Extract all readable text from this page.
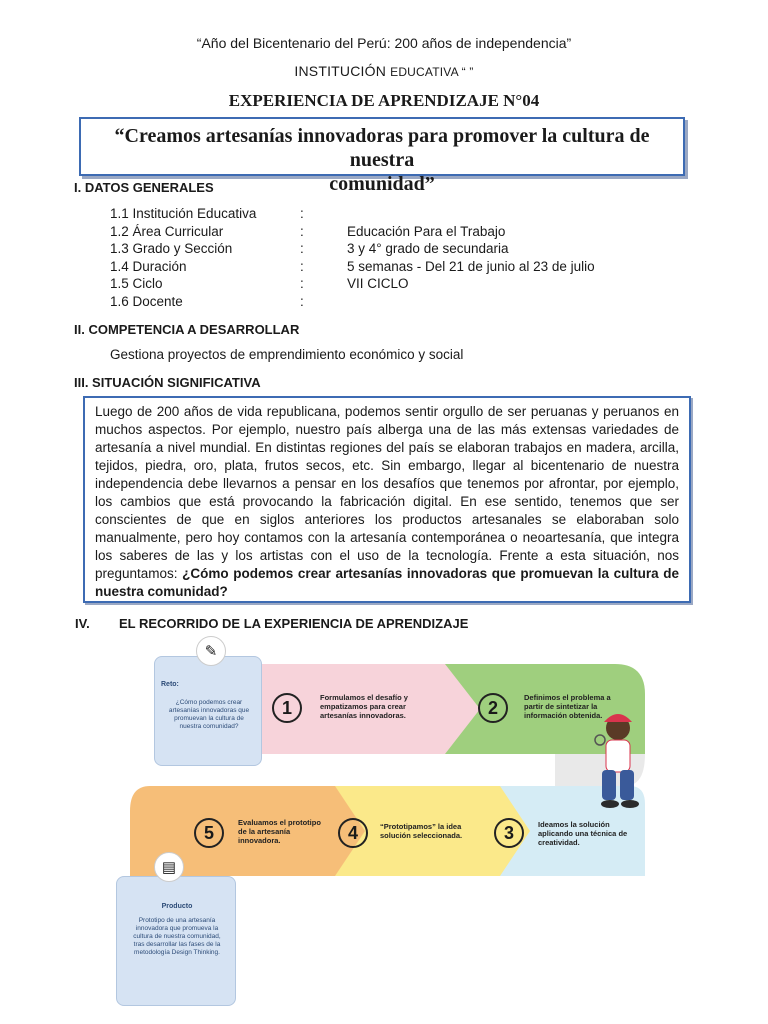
“Año del Bicentenario del Perú: 200 años de independencia”
INSTITUCIÓN EDUCATIVA “ ”
EXPERIENCIA DE APRENDIZAJE N°04
“Creamos artesanías innovadoras para promover la cultura de nuestra
comunidad”
I. DATOS GENERALES
1.1 Institución Educativa	:
1.2 Área Curricular	:	Educación Para el Trabajo
1.3 Grado y Sección	:	3 y 4° grado de secundaria
1.4 Duración	:	5 semanas - Del 21 de junio al 23 de julio
1.5 Ciclo	:	VII CICLO
1.6 Docente	:
II. COMPETENCIA A DESARROLLAR
Gestiona proyectos de emprendimiento económico y social
III. SITUACIÓN SIGNIFICATIVA
Luego de 200 años de vida republicana, podemos sentir orgullo de ser peruanas y peruanos en muchos aspectos. Por ejemplo, nuestro país alberga una de las más extensas variedades de artesanía a nivel mundial. En distintas regiones del país se elaboran trabajos en madera, arcilla, tejidos, piedra, oro, plata, frutos secos, etc. Sin embargo, llegar al bicentenario de nuestra independencia debe llevarnos a pensar en los desafíos que tenemos por afrontar, por ejemplo, los cambios que está provocando la fabricación digital. En ese sentido, tenemos que ser conscientes de que en siglos anteriores los productos artesanales se elaboraban solo manualmente, pero hoy contamos con la artesanía contemporánea o neoartesanía, que integra los saberes de las y los artistas con el uso de la tecnología. Frente a esta situación, nos preguntamos: ¿Cómo podemos crear artesanías innovadoras que promuevan la cultura de nuestra comunidad?
IV. EL RECORRIDO DE LA EXPERIENCIA DE APRENDIZAJE
Reto:
¿Cómo podemos crear artesanías innovadoras que promuevan la cultura de nuestra comunidad?
✎
Producto
Prototipo de una artesanía innovadora que promueva la cultura de nuestra comunidad, tras desarrollar las fases de la metodología Design Thinking.
▤
1
Formulamos el desafío y empatizamos para crear artesanías innovadoras.	2
Definimos el problema a partir de sintetizar la información obtenida.
3	Ideamos la solución aplicando una técnica de creatividad.
4	“Prototipamos” la idea solución seleccionada.
5
Evaluamos el prototipo de la artesanía innovadora.
